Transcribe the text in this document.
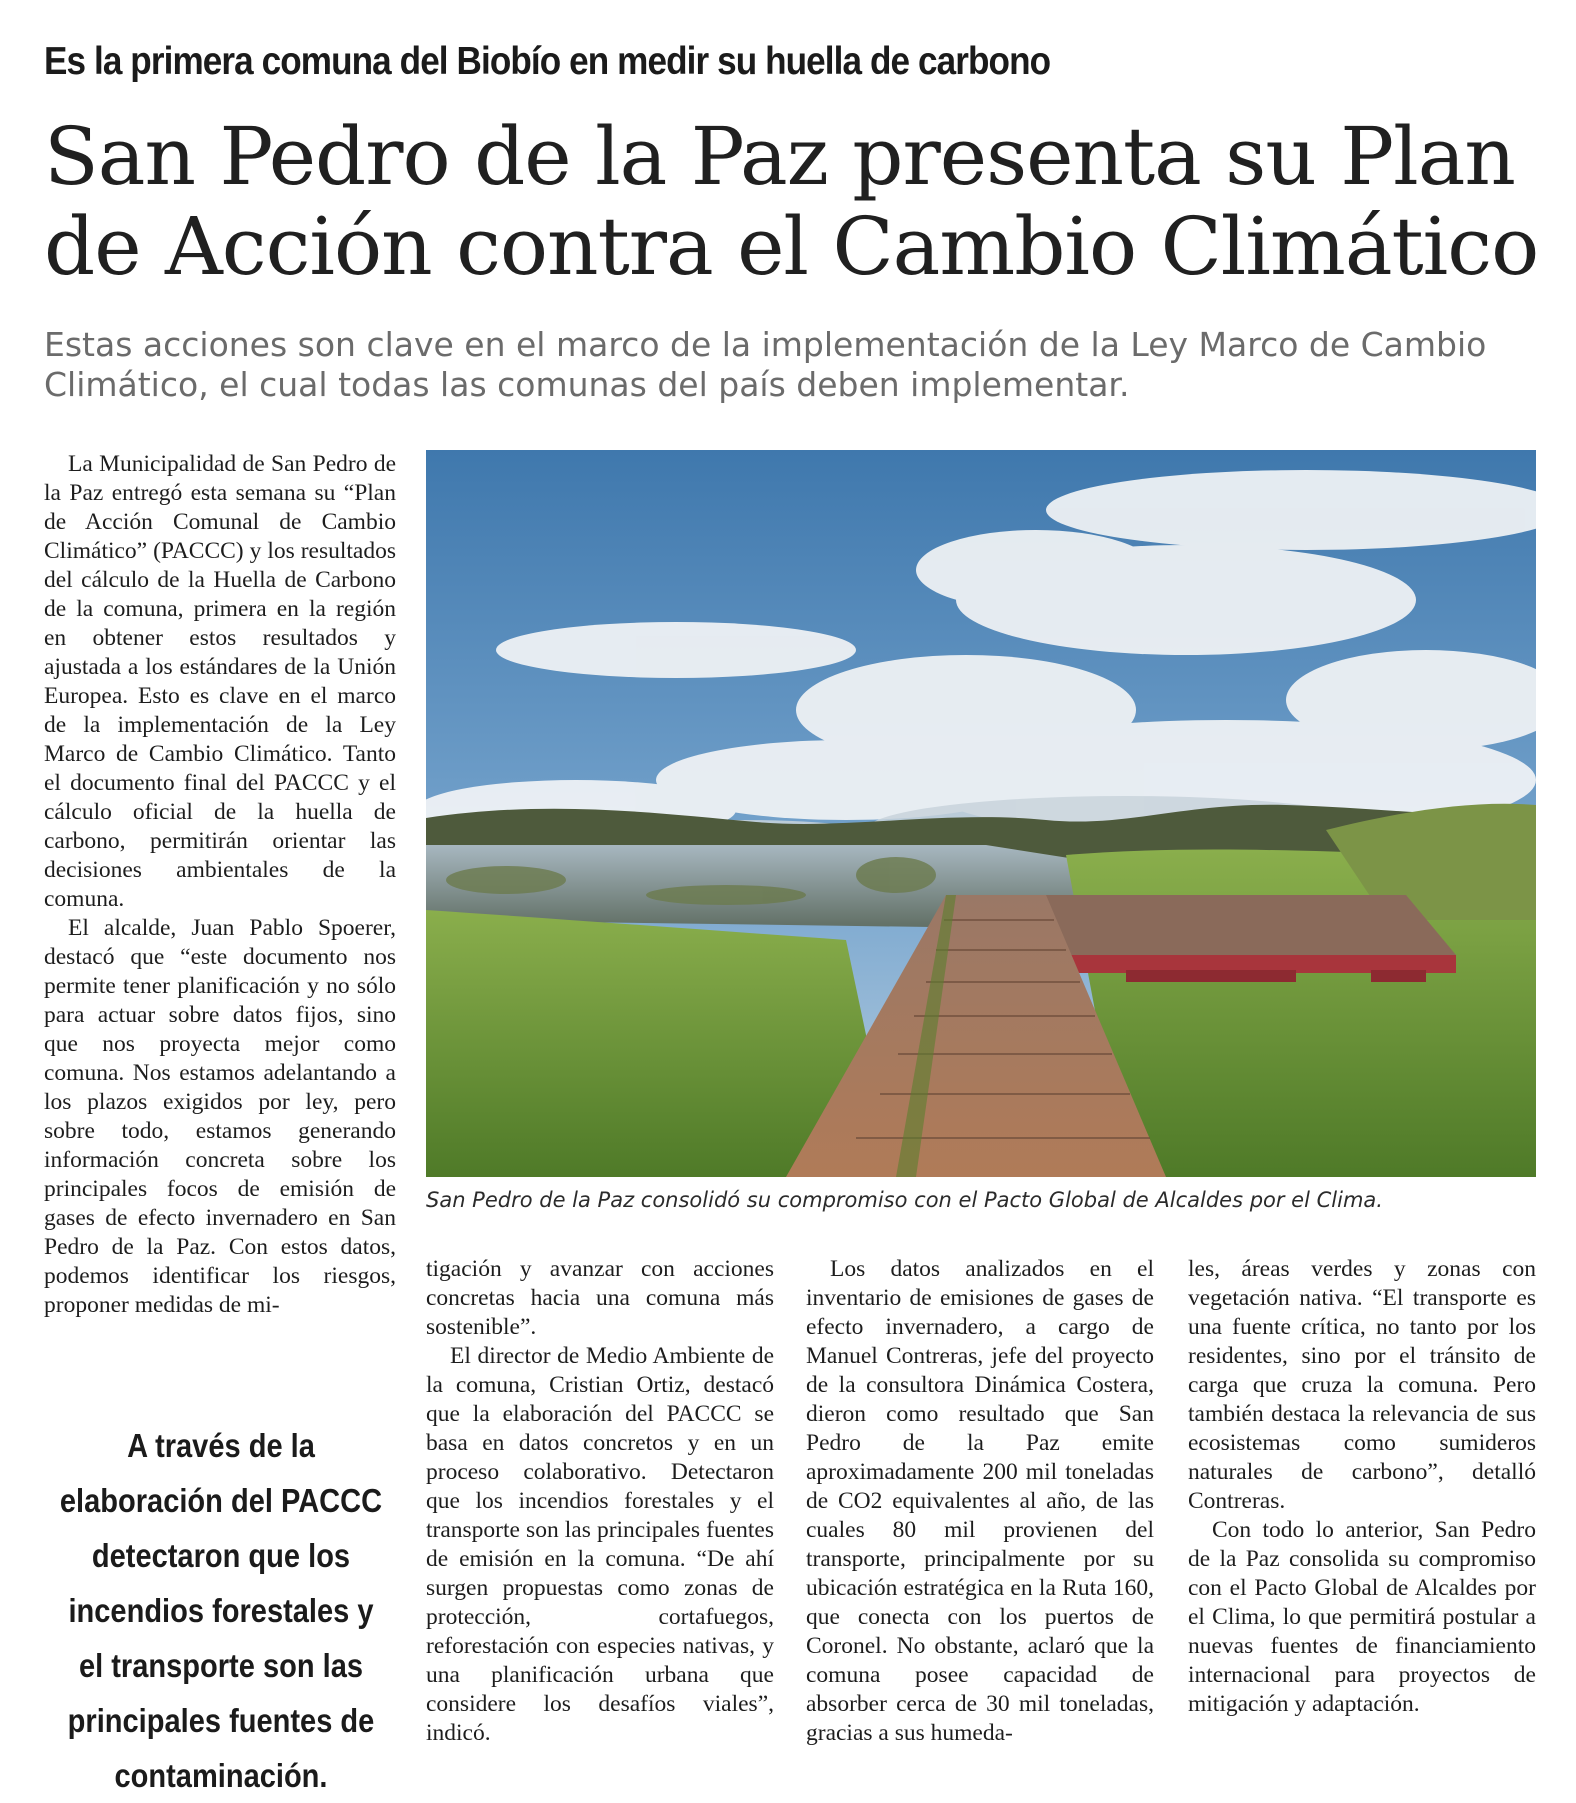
Es la primera comuna del Biobío en medir su huella de carbono
San Pedro de la Paz presenta su Plan de Acción contra el Cambio Climático
Estas acciones son clave en el marco de la implementación de la Ley Marco de Cambio Climático, el cual todas las comunas del país deben implementar.

La Municipalidad de San Pedro de la Paz entregó esta semana su “Plan de Acción Comunal de Cambio Climático” (PACCC) y los resultados del cálculo de la Huella de Carbono de la comuna, primera en la región en obtener estos resultados y ajustada a los estándares de la Unión Europea. Esto es clave en el marco de la implementación de la Ley Marco de Cambio Climático. Tanto el documento final del PACCC y el cálculo oficial de la huella de carbono, permitirán orientar las decisiones ambientales de la comuna.

El alcalde, Juan Pablo Spoerer, destacó que “este documento nos permite tener planificación y no sólo para actuar sobre datos fijos, sino que nos proyecta mejor como comuna. Nos estamos adelantando a los plazos exigidos por ley, pero sobre todo, estamos generando información concreta sobre los principales focos de emisión de gases de efecto invernadero en San Pedro de la Paz. Con estos datos, podemos identificar los riesgos, proponer medidas de mi-

San Pedro de la Paz consolidó su compromiso con el Pacto Global de Alcaldes por el Clima.

tigación y avanzar con acciones concretas hacia una comuna más sostenible”.

El director de Medio Ambiente de la comuna, Cristian Ortiz, destacó que la elaboración del PACCC se basa en datos concretos y en un proceso colaborativo. Detectaron que los incendios forestales y el transporte son las principales fuentes de emisión en la comuna. “De ahí surgen propuestas como zonas de protección, cortafuegos, reforestación con especies nativas, y una planificación urbana que considere los desafíos viales”, indicó.

Los datos analizados en el inventario de emisiones de gases de efecto invernadero, a cargo de Manuel Contreras, jefe del proyecto de la consultora Dinámica Costera, dieron como resultado que San Pedro de la Paz emite aproximadamente 200 mil toneladas de CO2 equivalentes al año, de las cuales 80 mil provienen del transporte, principalmente por su ubicación estratégica en la Ruta 160, que conecta con los puertos de Coronel. No obstante, aclaró que la comuna posee capacidad de absorber cerca de 30 mil toneladas, gracias a sus humeda-

les, áreas verdes y zonas con vegetación nativa. “El transporte es una fuente crítica, no tanto por los residentes, sino por el tránsito de carga que cruza la comuna. Pero también destaca la relevancia de sus ecosistemas como sumideros naturales de carbono”, detalló Contreras.

Con todo lo anterior, San Pedro de la Paz consolida su compromiso con el Pacto Global de Alcaldes por el Clima, lo que permitirá postular a nuevas fuentes de financiamiento internacional para proyectos de mitigación y adaptación.

A través de la elaboración del PACCC detectaron que los incendios forestales y el transporte son las principales fuentes de contaminación.
